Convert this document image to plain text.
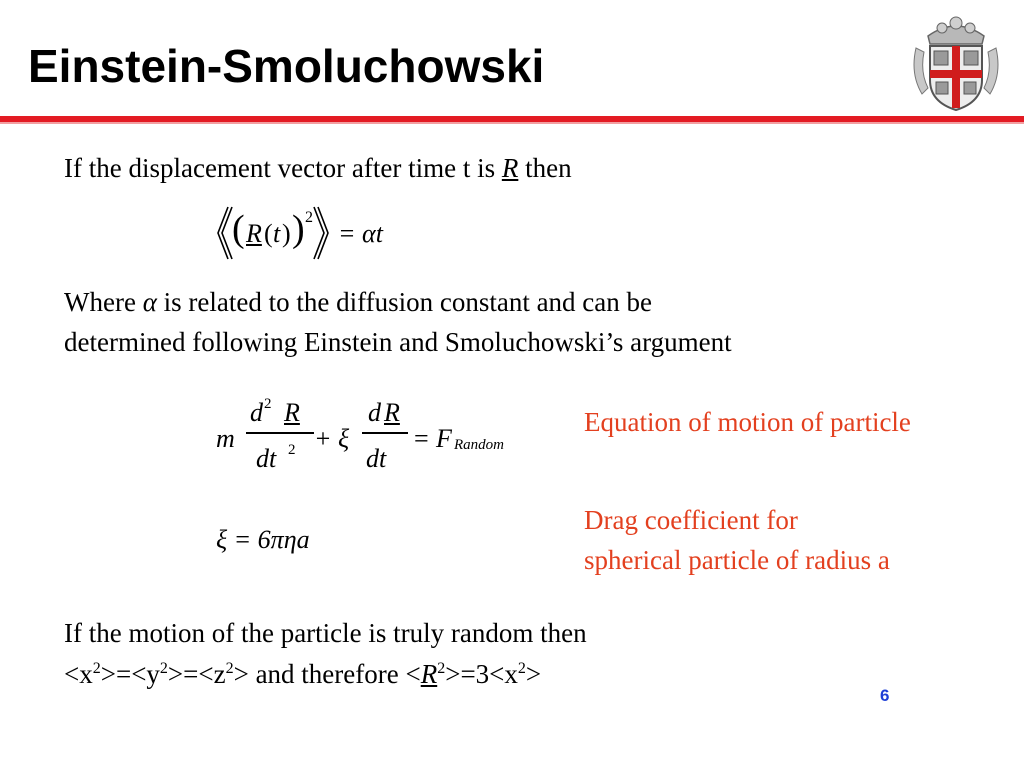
Einstein-Smoluchowski
If the displacement vector after time t is R then
( R ( t ) ) 2
= αt
Where α is related to the diffusion constant and can be
determined following Einstein and Smoluchowski’s argument
m
d 2 R
dt 2 + ξ
d R
dt
= F Random
Equation of motion of particle
ξ = 6πηa
Drag coefficient for
spherical particle of radius a
If the motion of the particle is truly random then
$<x^2>=<y^2>=<z^2>$ and therefore $<R^2>=3<x^2>$
6
